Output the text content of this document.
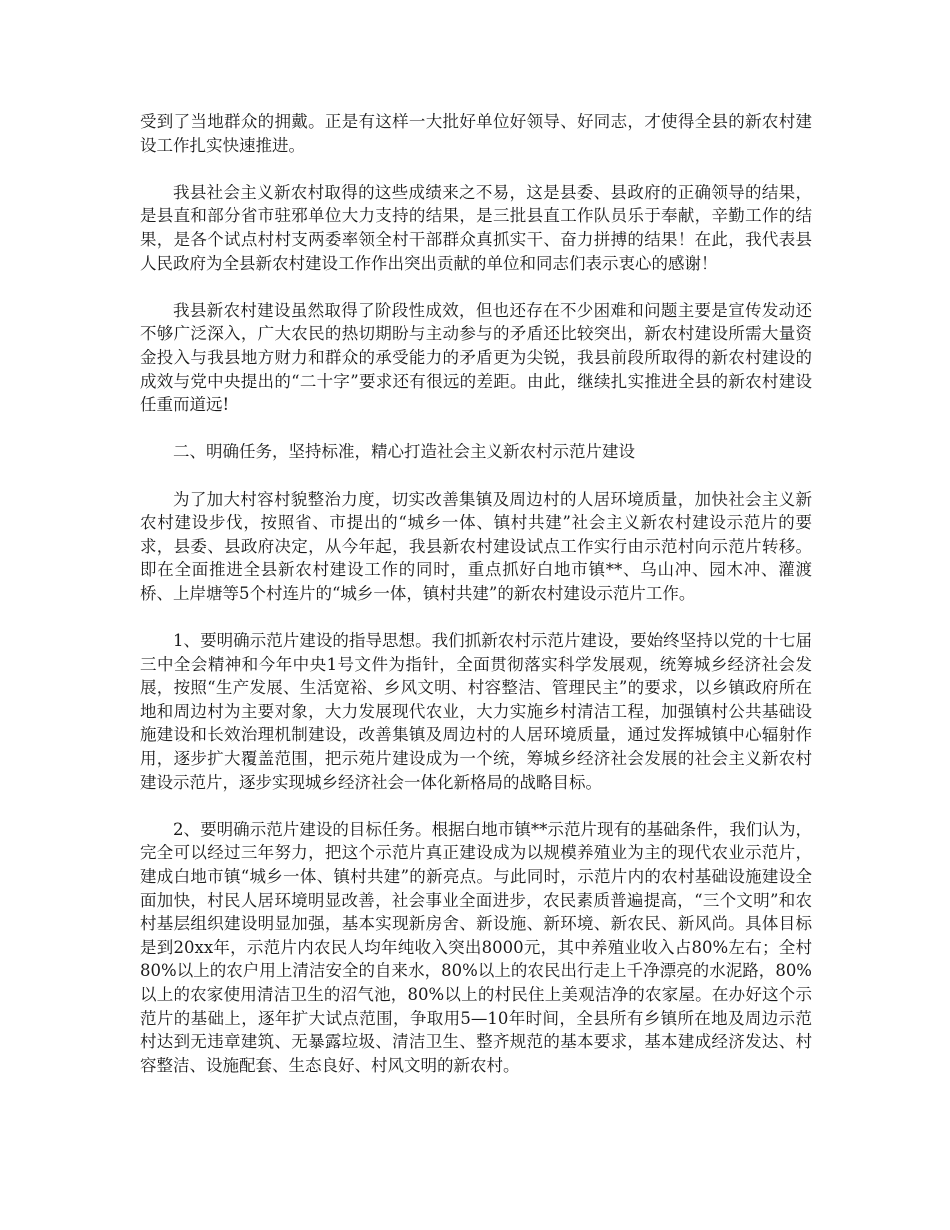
受到了当地群众的拥戴。正是有这样一大批好单位好领导、好同志，才使得全县的新农村建设工作扎实快速推进。

我县社会主义新农村取得的这些成绩来之不易，这是县委、县政府的正确领导的结果，是县直和部分省市驻邪单位大力支持的结果，是三批县直工作队员乐于奉献，辛勤工作的结果，是各个试点村村支两委率领全村干部群众真抓实干、奋力拼搏的结果！在此，我代表县人民政府为全县新农村建设工作作出突出贡献的单位和同志们表示衷心的感谢！

我县新农村建设虽然取得了阶段性成效，但也还存在不少困难和问题主要是宣传发动还不够广泛深入，广大农民的热切期盼与主动参与的矛盾还比较突出，新农村建设所需大量资金投入与我县地方财力和群众的承受能力的矛盾更为尖锐，我县前段所取得的新农村建设的成效与党中央提出的“二十字”要求还有很远的差距。由此，继续扎实推进全县的新农村建设任重而道远!

二、明确任务，坚持标准，精心打造社会主义新农村示范片建设

为了加大村容村貌整治力度，切实改善集镇及周边村的人居环境质量，加快社会主义新农村建设步伐，按照省、市提出的“城乡一体、镇村共建”社会主义新农村建设示范片的要求，县委、县政府决定，从今年起，我县新农村建设试点工作实行由示范村向示范片转移。即在全面推进全县新农村建设工作的同时，重点抓好白地市镇**、乌山冲、园木冲、灌渡桥、上岸塘等5个村连片的“城乡一体，镇村共建”的新农村建设示范片工作。

1、要明确示范片建设的指导思想。我们抓新农村示范片建设，要始终坚持以党的十七届三中全会精神和今年中央1号文件为指针，全面贯彻落实科学发展观，统筹城乡经济社会发展，按照“生产发展、生活宽裕、乡风文明、村容整洁、管理民主”的要求，以乡镇政府所在地和周边村为主要对象，大力发展现代农业，大力实施乡村清洁工程，加强镇村公共基础设施建设和长效治理机制建设，改善集镇及周边村的人居环境质量，通过发挥城镇中心辐射作用，逐步扩大覆盖范围，把示苑片建设成为一个统，筹城乡经济社会发展的社会主义新农村建设示范片，逐步实现城乡经济社会一体化新格局的战略目标。

2、要明确示范片建设的目标任务。根据白地市镇**示范片现有的基础条件，我们认为，完全可以经过三年努力，把这个示范片真正建设成为以规模养殖业为主的现代农业示范片，建成白地市镇“城乡一体、镇村共建”的新亮点。与此同时，示范片内的农村基础设施建设全面加快，村民人居环境明显改善，社会事业全面进步，农民素质普遍提高，“三个文明”和农村基层组织建设明显加强，基本实现新房舍、新设施、新环境、新农民、新风尚。具体目标是到20xx年，示范片内农民人均年纯收入突出8000元，其中养殖业收入占80%左右；全村80%以上的农户用上清洁安全的自来水，80%以上的农民出行走上千净漂亮的水泥路，80%以上的农家使用清洁卫生的沼气池，80%以上的村民住上美观洁净的农家屋。在办好这个示范片的基础上，逐年扩大试点范围，争取用5—10年时间，全县所有乡镇所在地及周边示范村达到无违章建筑、无暴露垃圾、清洁卫生、整齐规范的基本要求，基本建成经济发达、村容整洁、设施配套、生态良好、村风文明的新农村。
